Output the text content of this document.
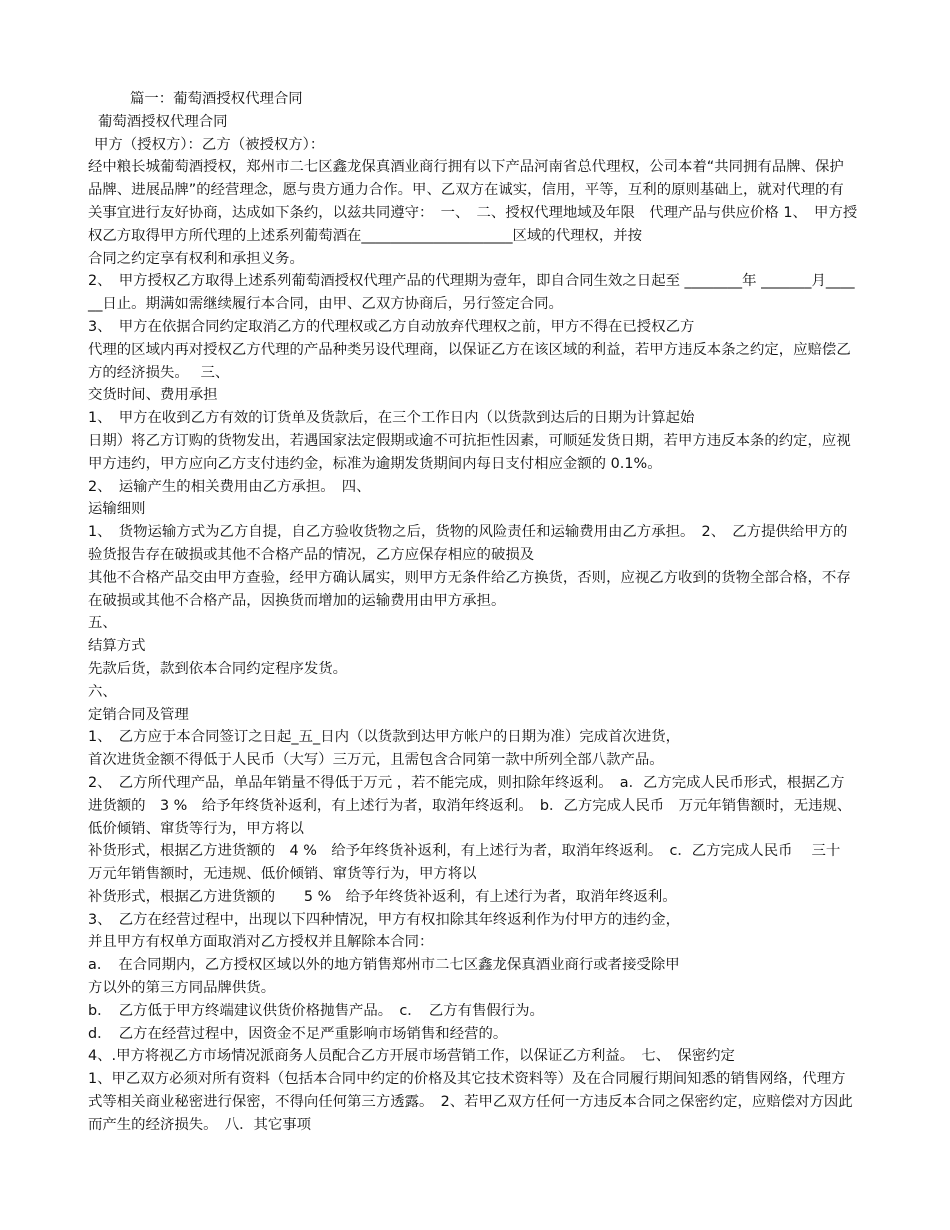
篇一：葡萄酒授权代理合同

葡萄酒授权代理合同

甲方（授权方）：乙方（被授权方）：

经中粮长城葡萄酒授权，郑州市二七区鑫龙保真酒业商行拥有以下产品河南省总代理权，公司本着“共同拥有品牌、保护品牌、进展品牌”的经营理念，愿与贵方通力合作。甲、乙双方在诚实，信用，平等，互利的原则基础上，就对代理的有关事宜进行友好协商，达成如下条约，以兹共同遵守：　一、　二、授权代理地域及年限　代理产品与供应价格 1、　甲方授权乙方取得甲方所代理的上述系列葡萄酒在_____________________区域的代理权，并按

合同之约定享有权利和承担义务。

2、　甲方授权乙方取得上述系列葡萄酒授权代理产品的代理期为壹年，即自合同生效之日起至 ________年 _______月______日止。期满如需继续履行本合同，由甲、乙双方协商后，另行签定合同。

3、　甲方在依据合同约定取消乙方的代理权或乙方自动放弃代理权之前，甲方不得在已授权乙方

代理的区域内再对授权乙方代理的产品种类另设代理商，以保证乙方在该区域的利益，若甲方违反本条之约定，应赔偿乙方的经济损失。　 三、

交货时间、费用承担

1、　甲方在收到乙方有效的订货单及货款后，在三个工作日内（以货款到达后的日期为计算起始

日期）将乙方订购的货物发出，若遇国家法定假期或逾不可抗拒性因素，可顺延发货日期，若甲方违反本条的约定，应视甲方违约，甲方应向乙方支付违约金，标准为逾期发货期间内每日支付相应金额的 0.1%。

2、　运输产生的相关费用由乙方承担。　四、

运输细则

1、　货物运输方式为乙方自提，自乙方验收货物之后，货物的风险责任和运输费用由乙方承担。　2、　乙方提供给甲方的验货报告存在破损或其他不合格产品的情况，乙方应保存相应的破损及

其他不合格产品交由甲方查验，经甲方确认属实，则甲方无条件给乙方换货，否则，应视乙方收到的货物全部合格，不存在破损或其他不合格产品，因换货而增加的运输费用由甲方承担。

五、

结算方式

先款后货，款到依本合同约定程序发货。

六、

定销合同及管理

1、　乙方应于本合同签订之日起_五_日内（以货款到达甲方帐户的日期为准）完成首次进货，

首次进货金额不得低于人民币（大写）三万元，且需包含合同第一款中所列全部八款产品。

2、　乙方所代理产品，单品年销量不得低于万元 ，若不能完成，则扣除年终返利。　a．乙方完成人民币形式，根据乙方进货额的　3 %　给予年终货补返利，有上述行为者，取消年终返利。　b．乙方完成人民币　万元年销售额时，无违规、低价倾销、窜货等行为，甲方将以

补货形式，根据乙方进货额的　4 %　给予年终货补返利，有上述行为者，取消年终返利。　c．乙方完成人民币　 三十　万元年销售额时，无违规、低价倾销、窜货等行为，甲方将以

补货形式，根据乙方进货额的　　5 %　给予年终货补返利，有上述行为者，取消年终返利。

3、　乙方在经营过程中，出现以下四种情况，甲方有权扣除其年终返利作为付甲方的违约金，

并且甲方有权单方面取消对乙方授权并且解除本合同：

a．　在合同期内，乙方授权区域以外的地方销售郑州市二七区鑫龙保真酒业商行或者接受除甲

方以外的第三方同品牌供货。

b．　乙方低于甲方终端建议供货价格抛售产品。　c．　乙方有售假行为。

d．　乙方在经营过程中，因资金不足严重影响市场销售和经营的。

4、.甲方将视乙方市场情况派商务人员配合乙方开展市场营销工作，以保证乙方利益。　七、　保密约定

1、甲乙双方必须对所有资料（包括本合同中约定的价格及其它技术资料等）及在合同履行期间知悉的销售网络，代理方式等相关商业秘密进行保密，不得向任何第三方透露。　2、若甲乙双方任何一方违反本合同之保密约定，应赔偿对方因此而产生的经济损失。　八．其它事项
